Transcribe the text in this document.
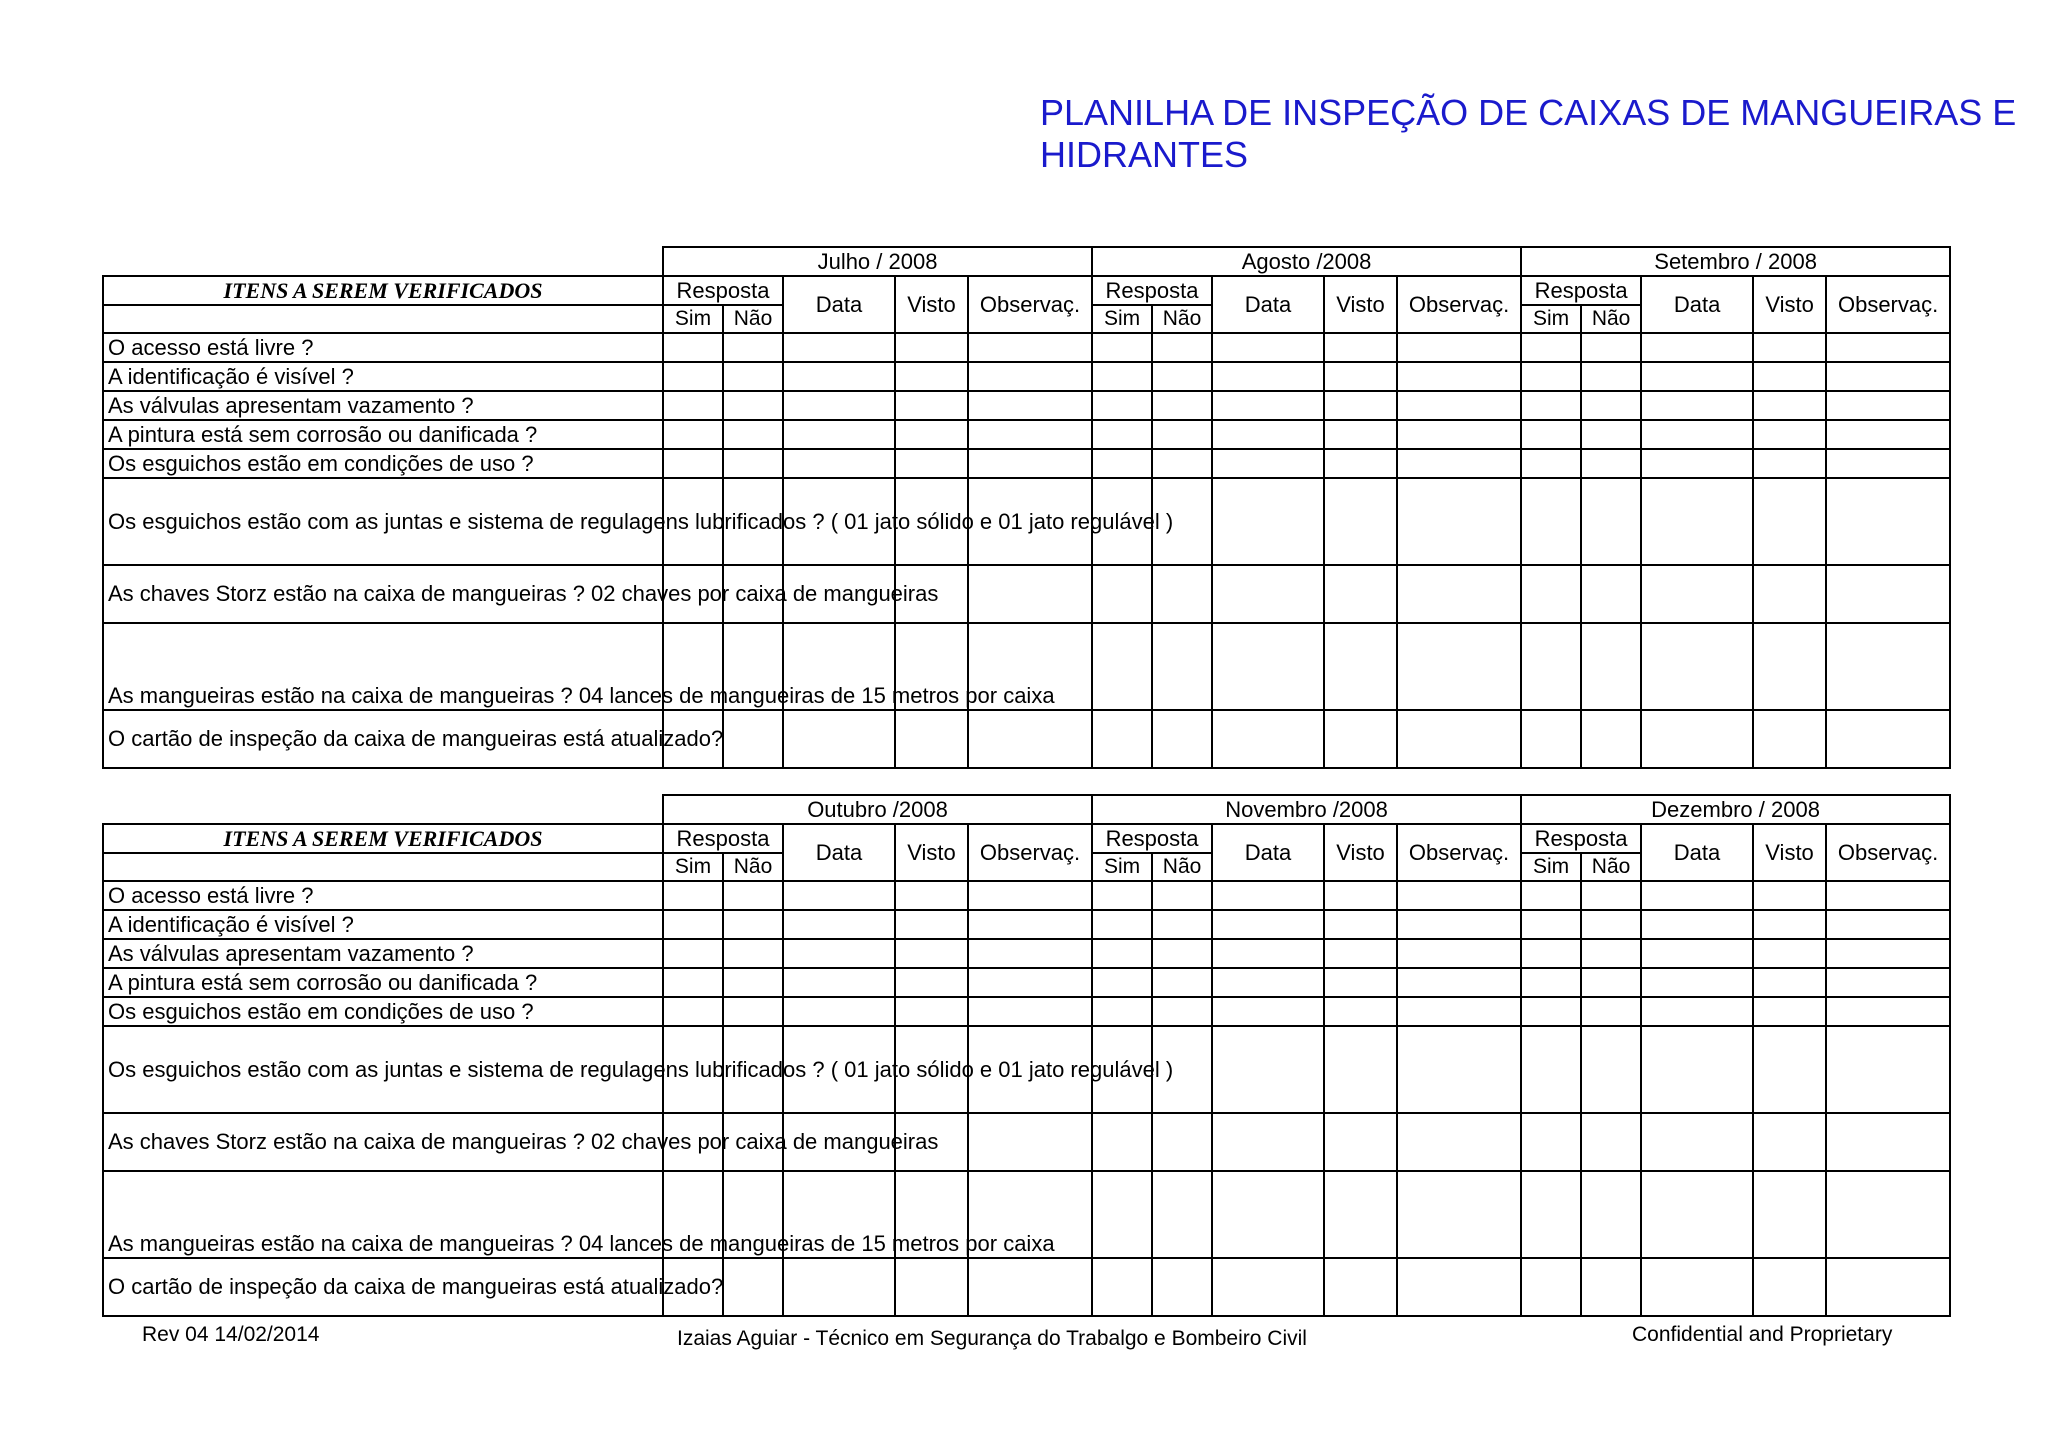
PLANILHA DE INSPEÇÃO DE CAIXAS DE MANGUEIRAS E HIDRANTES
	Julho / 2008					Agosto /2008					Setembro / 2008				
ITENS A SEREM VERIFICADOS	Resposta		Data	Visto	Observaç.	Resposta		Data	Visto	Observaç.	Resposta		Data	Visto	Observaç.
	Sim	Não				Sim	Não				Sim	Não			
O acesso está livre ?															
A identificação é visível ?															
As válvulas apresentam vazamento ?															
A pintura está sem corrosão ou danificada ?															
Os esguichos estão em condições de uso ?															
Os esguichos estão com as juntas e sistema de regulagens lubrificados ? ( 01 jato sólido e 01 jato regulável )															
As chaves Storz estão na caixa de mangueiras ? 02 chaves por caixa de mangueiras															
As mangueiras estão na caixa de mangueiras ? 04 lances de mangueiras de 15 metros por caixa															
O cartão de inspeção da caixa de mangueiras está atualizado?															
	Outubro /2008					Novembro /2008					Dezembro / 2008				
ITENS A SEREM VERIFICADOS	Resposta		Data	Visto	Observaç.	Resposta		Data	Visto	Observaç.	Resposta		Data	Visto	Observaç.
	Sim	Não				Sim	Não				Sim	Não			
O acesso está livre ?															
A identificação é visível ?															
As válvulas apresentam vazamento ?															
A pintura está sem corrosão ou danificada ?															
Os esguichos estão em condições de uso ?															
Os esguichos estão com as juntas e sistema de regulagens lubrificados ? ( 01 jato sólido e 01 jato regulável )															
As chaves Storz estão na caixa de mangueiras ? 02 chaves por caixa de mangueiras															
As mangueiras estão na caixa de mangueiras ? 04 lances de mangueiras de 15 metros por caixa															
O cartão de inspeção da caixa de mangueiras está atualizado?															
Rev 04 14/02/2014	Izaias Aguiar - Técnico em Segurança do Trabalgo e Bombeiro Civil	Confidential and Proprietary
